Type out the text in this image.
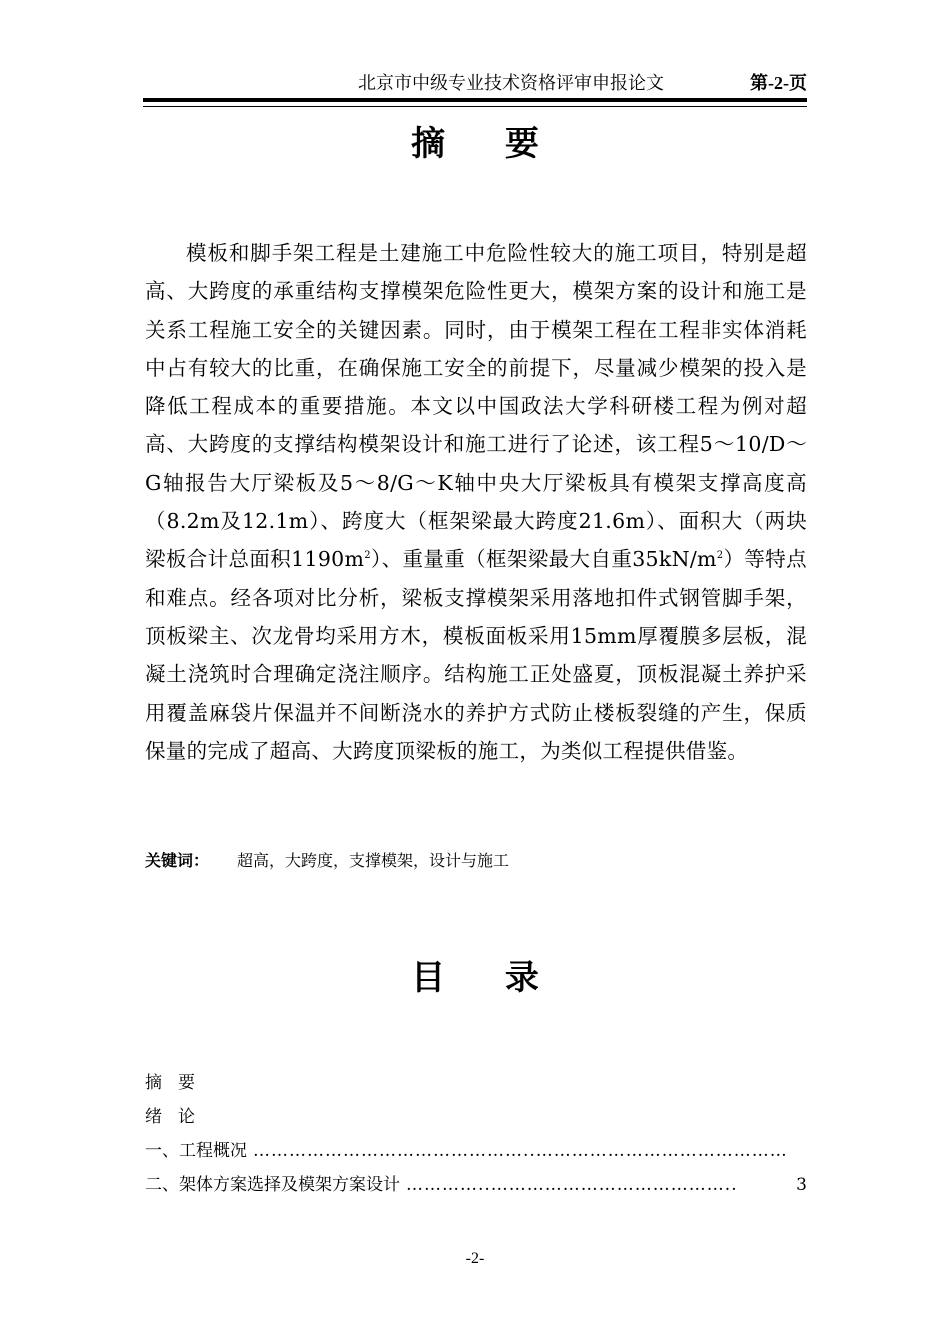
北京市中级专业技术资格评审申报论文	第-2-页
摘 要

模板和脚手架工程是土建施工中危险性较大的施工项目，特别是超高、大跨度的承重结构支撑模架危险性更大，模架方案的设计和施工是关系工程施工安全的关键因素。同时，由于模架工程在工程非实体消耗中占有较大的比重，在确保施工安全的前提下，尽量减少模架的投入是降低工程成本的重要措施。本文以中国政法大学科研楼工程为例对超高、大跨度的支撑结构模架设计和施工进行了论述，该工程5～10/D～G轴报告大厅梁板及5～8/G～K轴中央大厅梁板具有模架支撑高度高（8.2m及12.1m）、跨度大（框架梁最大跨度21.6m）、面积大（两块梁板合计总面积$1190m^2$）、重量重（框架梁最大自重$35kN/m^2$）等特点和难点。经各项对比分析，梁板支撑模架采用落地扣件式钢管脚手架，顶板梁主、次龙骨均采用方木，模板面板采用15mm厚覆膜多层板，混凝土浇筑时合理确定浇注顺序。结构施工正处盛夏，顶板混凝土养护采用覆盖麻袋片保温并不间断浇水的养护方式防止楼板裂缝的产生，保质保量的完成了超高、大跨度顶梁板的施工，为类似工程提供借鉴。

关键词： 超高，大跨度，支撑模架，设计与施工
目 录
摘要
绪论
一、工程概况 ………………………………………..……………………………………
二、架体方案选择及模架方案设计 …………..…………………………………..	3
-2-
